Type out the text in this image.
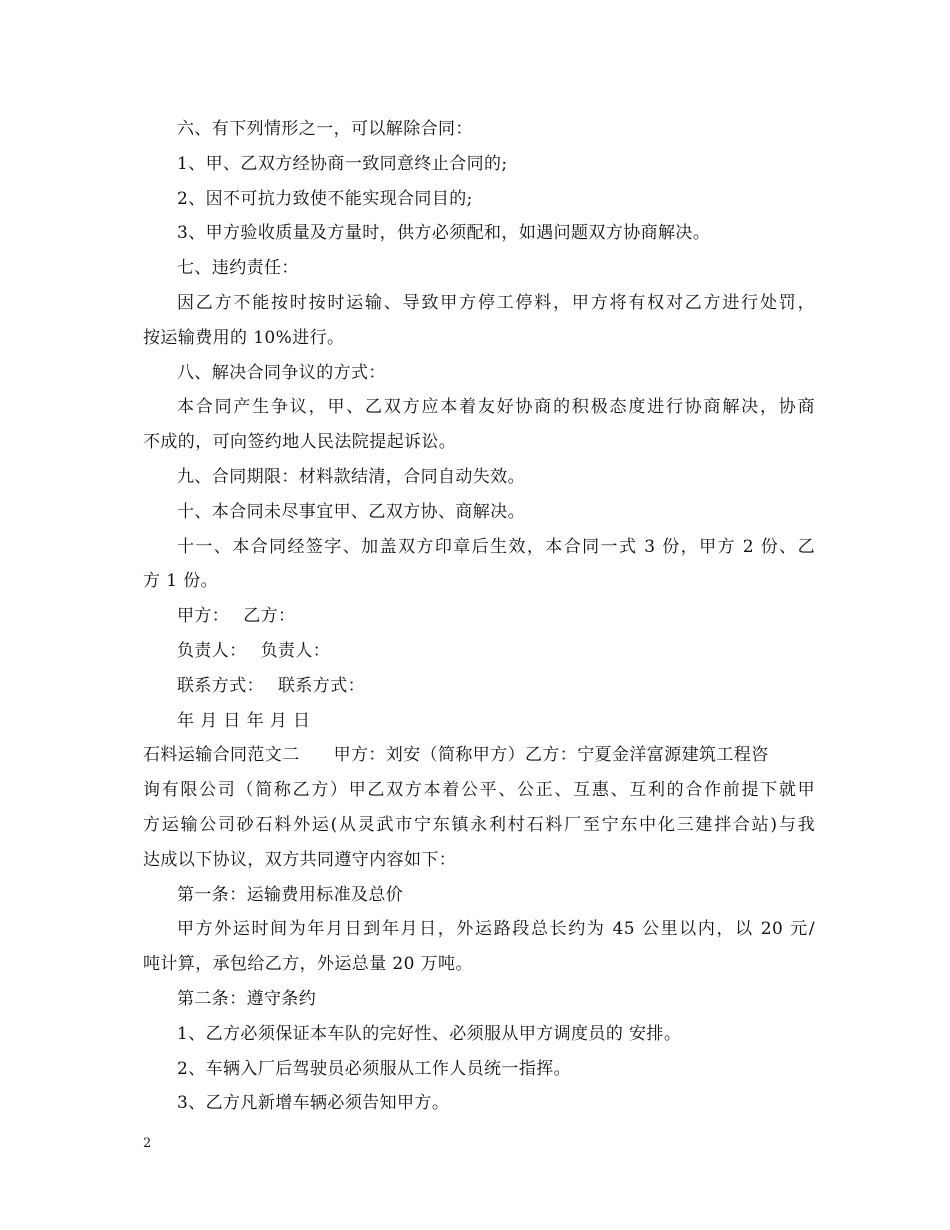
六、有下列情形之一，可以解除合同：
1、甲、乙双方经协商一致同意终止合同的;
2、因不可抗力致使不能实现合同目的;
3、甲方验收质量及方量时，供方必须配和，如遇问题双方协商解决。
七、违约责任：
因乙方不能按时按时运输、导致甲方停工停料，甲方将有权对乙方进行处罚，
按运输费用的 10%进行。
八、解决合同争议的方式：
本合同产生争议，甲、乙双方应本着友好协商的积极态度进行协商解决，协商
不成的，可向签约地人民法院提起诉讼。
九、合同期限：材料款结清，合同自动失效。
十、本合同未尽事宜甲、乙双方协、商解决。
十一、本合同经签字、加盖双方印章后生效，本合同一式 3 份，甲方 2 份、乙
方 1 份。
甲方： 乙方：
负责人： 负责人：
联系方式： 联系方式：
年 月 日 年 月 日
石料运输合同范文二 甲方：刘安（简称甲方）乙方：宁夏金洋富源建筑工程咨
询有限公司（简称乙方）甲乙双方本着公平、公正、互惠、互利的合作前提下就甲
方运输公司砂石料外运(从灵武市宁东镇永利村石料厂至宁东中化三建拌合站)与我
达成以下协议，双方共同遵守内容如下：
第一条：运输费用标准及总价
甲方外运时间为年月日到年月日，外运路段总长约为 45 公里以内，以 20 元/
吨计算，承包给乙方，外运总量 20 万吨。
第二条：遵守条约
1、乙方必须保证本车队的完好性、必须服从甲方调度员的 安排。
2、车辆入厂后驾驶员必须服从工作人员统一指挥。
3、乙方凡新增车辆必须告知甲方。
2
